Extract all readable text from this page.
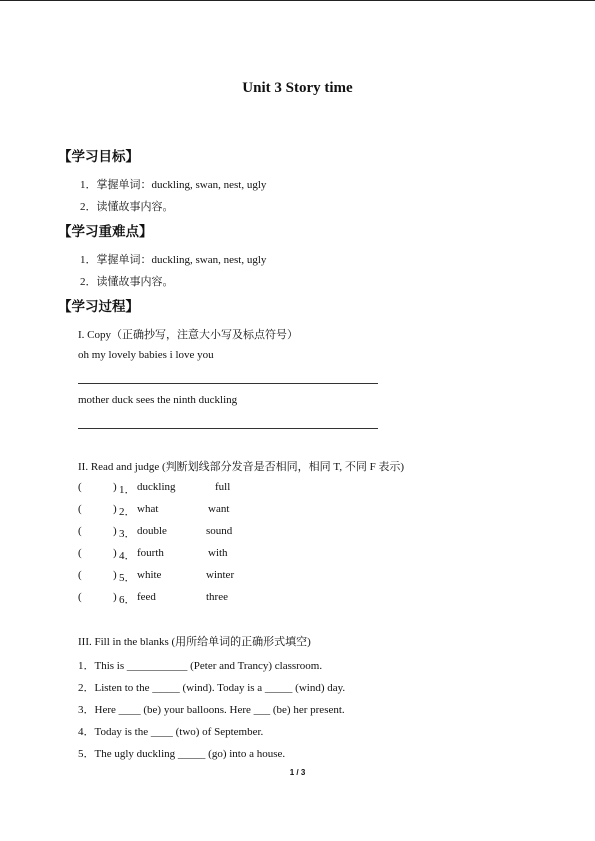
Unit 3 Story time
【学习目标】
1．掌握单词：duckling, swan, nest, ugly
2．读懂故事内容。
【学习重难点】
1．掌握单词：duckling, swan, nest, ugly
2．读懂故事内容。
【学习过程】
I. Copy（正确抄写，注意大小写及标点符号）
oh my lovely babies i love you
mother duck sees the ninth duckling
II. Read and judge (判断划线部分发音是否相同，相同 T, 不同 F 表示)
(	) 1． duckling	full
(	) 2． what	want
(	) 3． double	sound
(	) 4． fourth	with
(	) 5． white	winter
(	) 6． feed	three
III. Fill in the blanks (用所给单词的正确形式填空)
1．This is ___________ (Peter and Trancy) classroom.
2．Listen to the _____ (wind). Today is a _____ (wind) day.
3．Here ____ (be) your balloons. Here ___ (be) her present.
4．Today is the ____ (two) of September.
5．The ugly duckling _____ (go) into a house.
1 / 3
